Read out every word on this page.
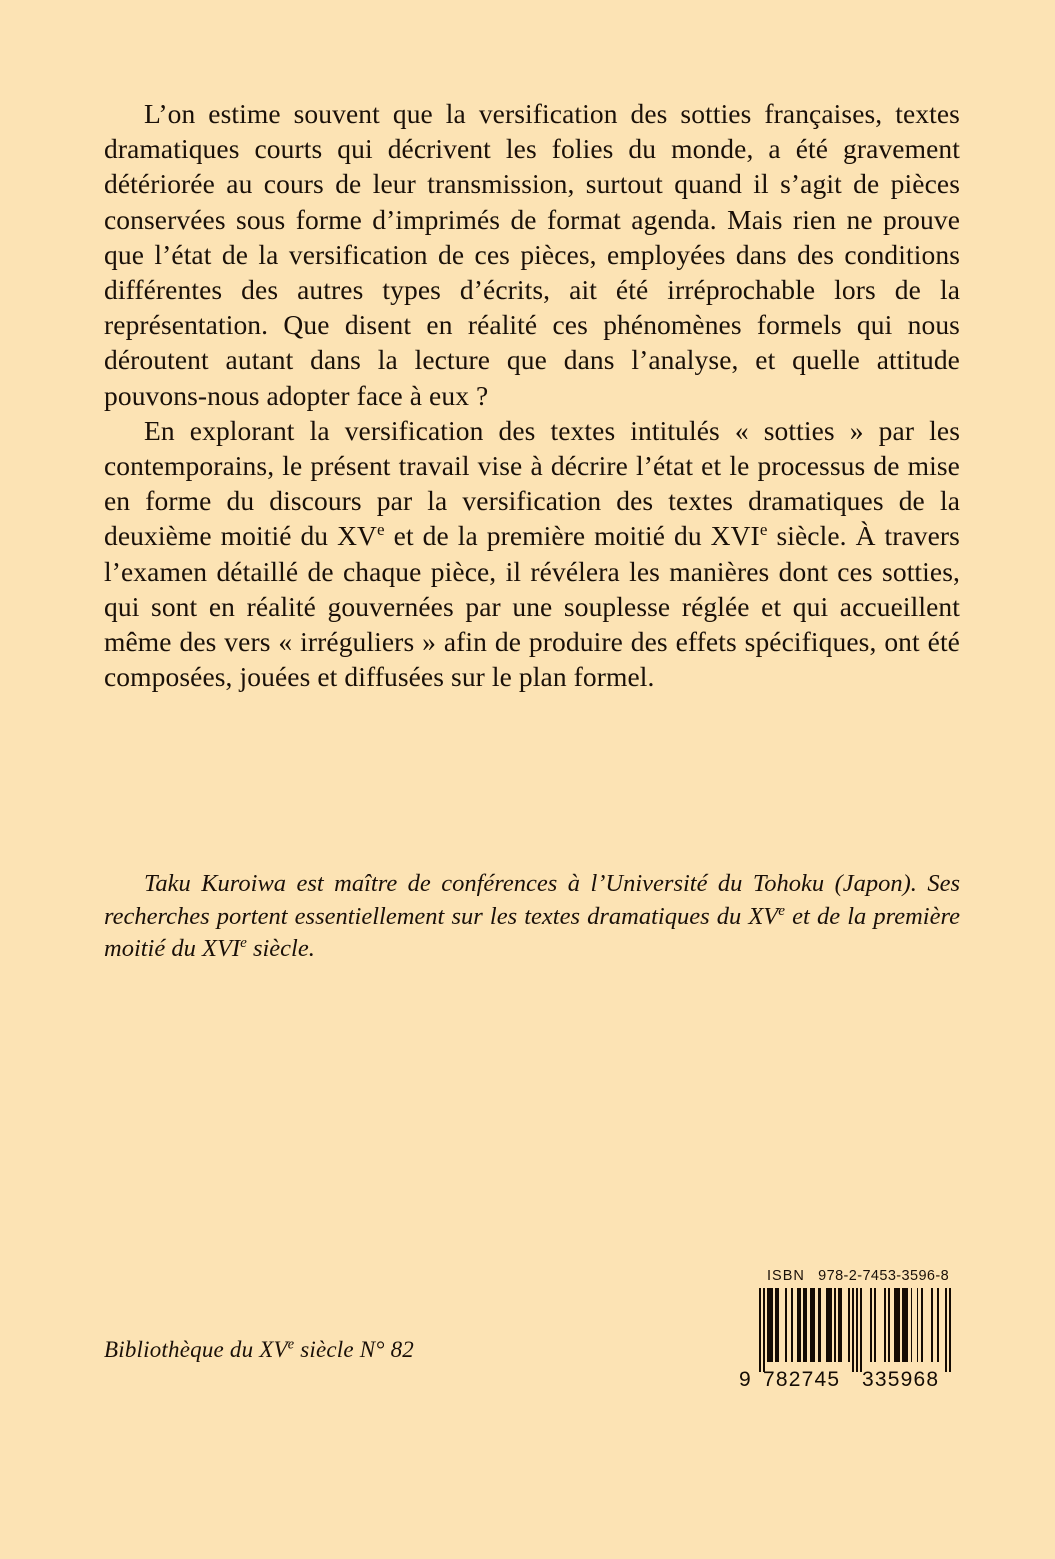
L’on estime souvent que la versification des sotties françaises, textes dramatiques courts qui décrivent les folies du monde, a été gravement détériorée au cours de leur transmission, surtout quand il s’agit de pièces conservées sous forme d’imprimés de format agenda. Mais rien ne prouve que l’état de la versification de ces pièces, employées dans des conditions différentes des autres types d’écrits, ait été irréprochable lors de la représentation. Que disent en réalité ces phénomènes formels qui nous déroutent autant dans la lecture que dans l’analyse, et quelle attitude pouvons-nous adopter face à eux ?

En explorant la versification des textes intitulés « sotties » par les contemporains, le présent travail vise à décrire l’état et le processus de mise en forme du discours par la versification des textes dramatiques de la deuxième moitié du XVe et de la première moitié du XVIe siècle. À travers l’examen détaillé de chaque pièce, il révélera les manières dont ces sotties, qui sont en réalité gouvernées par une souplesse réglée et qui accueillent même des vers « irréguliers » afin de produire des effets spécifiques, ont été composées, jouées et diffusées sur le plan formel.

Taku Kuroiwa est maître de conférences à l’Université du Tohoku (Japon). Ses recherches portent essentiellement sur les textes dramatiques du XVe et de la première moitié du XVIe siècle.

Bibliothèque du XVe siècle N° 82
ISBN 978-2-7453-3596-8
9 782745 335968
